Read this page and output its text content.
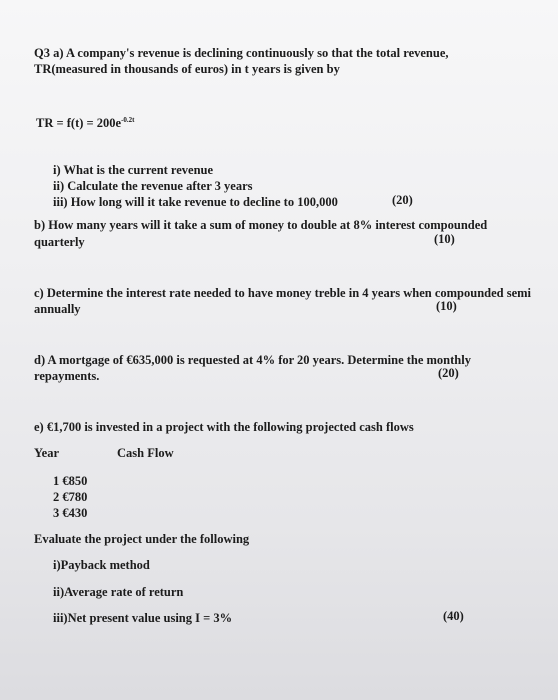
Q3 a) A company's revenue is declining continuously so that the total revenue,
TR(measured in thousands of euros) in t years is given by
TR = $f(t) = 200e^{-0.2t}$
i) What is the current revenue
ii) Calculate the revenue after 3 years
iii) How long will it take revenue to decline to 100,000	(20)
b) How many years will it take a sum of money to double at 8% interest compounded
quarterly	(10)
c) Determine the interest rate needed to have money treble in 4 years when compounded semi
annually	(10)
d) A mortgage of €635,000 is requested at 4% for 20 years. Determine the monthly
repayments.	(20)
e) €1,700 is invested in a project with the following projected cash flows
Year	Cash Flow
1 €850
2 €780
3 €430
Evaluate the project under the following
i)Payback method
ii)Average rate of return
iii)Net present value using I = 3%	(40)
